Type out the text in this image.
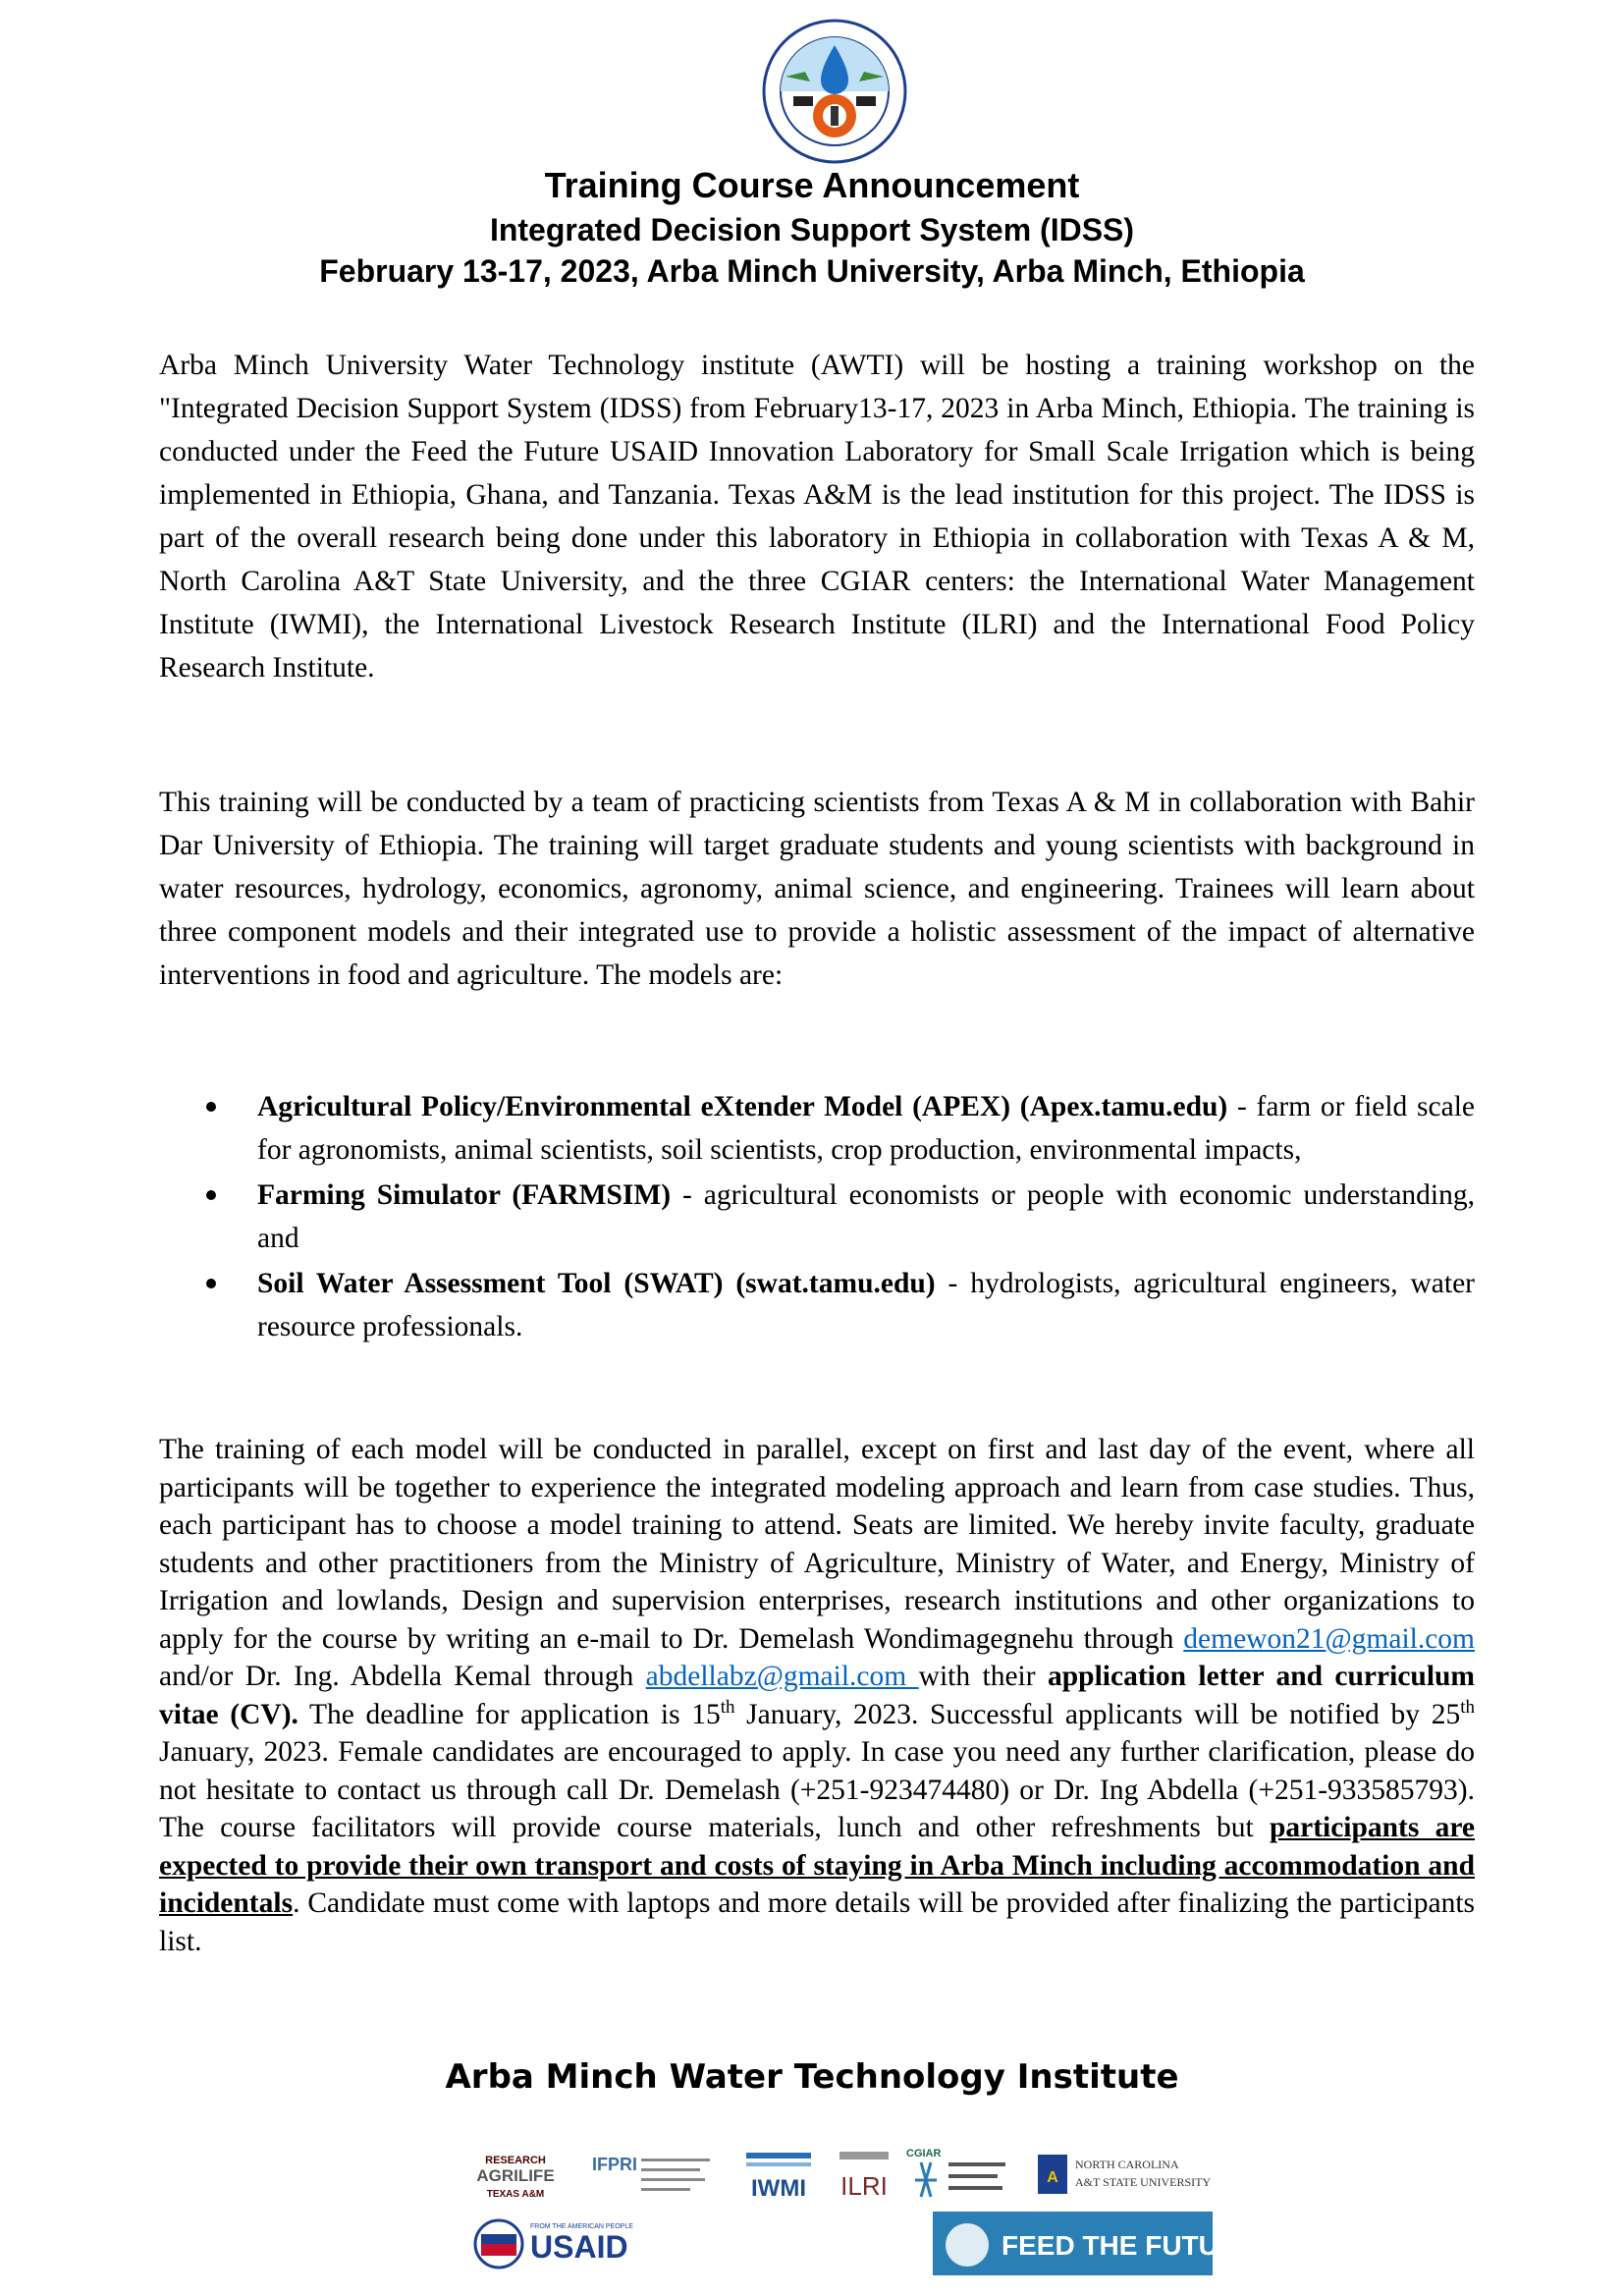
Training Course Announcement
Integrated Decision Support System (IDSS)
February 13-17, 2023, Arba Minch University, Arba Minch, Ethiopia

Arba Minch University Water Technology institute (AWTI) will be hosting a training workshop on the "Integrated Decision Support System (IDSS) from February13-17, 2023 in Arba Minch, Ethiopia. The training is conducted under the Feed the Future USAID Innovation Laboratory for Small Scale Irrigation which is being implemented in Ethiopia, Ghana, and Tanzania. Texas A&M is the lead institution for this project. The IDSS is part of the overall research being done under this laboratory in Ethiopia in collaboration with Texas A & M, North Carolina A&T State University, and the three CGIAR centers: the International Water Management Institute (IWMI), the International Livestock Research Institute (ILRI) and the International Food Policy Research Institute.

This training will be conducted by a team of practicing scientists from Texas A & M in collaboration with Bahir Dar University of Ethiopia. The training will target graduate students and young scientists with background in water resources, hydrology, economics, agronomy, animal science, and engineering. Trainees will learn about three component models and their integrated use to provide a holistic assessment of the impact of alternative interventions in food and agriculture. The models are:

Agricultural Policy/Environmental eXtender Model (APEX) (Apex.tamu.edu) - farm or field scale for agronomists, animal scientists, soil scientists, crop production, environmental impacts,
Farming Simulator (FARMSIM) - agricultural economists or people with economic understanding, and
Soil Water Assessment Tool (SWAT) (swat.tamu.edu) - hydrologists, agricultural engineers, water resource professionals.

The training of each model will be conducted in parallel, except on first and last day of the event, where all participants will be together to experience the integrated modeling approach and learn from case studies. Thus, each participant has to choose a model training to attend. Seats are limited. We hereby invite faculty, graduate students and other practitioners from the Ministry of Agriculture, Ministry of Water, and Energy, Ministry of Irrigation and lowlands, Design and supervision enterprises, research institutions and other organizations to apply for the course by writing an e-mail to Dr. Demelash Wondimagegnehu through demewon21@gmail.com and/or Dr. Ing. Abdella Kemal through abdellabz@gmail.com with their application letter and curriculum vitae (CV). The deadline for application is 15th January, 2023. Successful applicants will be notified by 25th January, 2023. Female candidates are encouraged to apply. In case you need any further clarification, please do not hesitate to contact us through call Dr. Demelash (+251-923474480) or Dr. Ing Abdella (+251-933585793). The course facilitators will provide course materials, lunch and other refreshments but participants are expected to provide their own transport and costs of staying in Arba Minch including accommodation and incidentals. Candidate must come with laptops and more details will be provided after finalizing the participants list.

Arba Minch Water Technology Institute
RESEARCH
AGRILIFE
TEXAS A&M
IFPRI
IWMI ILRI
CGIAR
A
NORTH CAROLINA
A&T STATE UNIVERSITY
USAID
FROM THE AMERICAN PEOPLE
FEED THE FUTURE
